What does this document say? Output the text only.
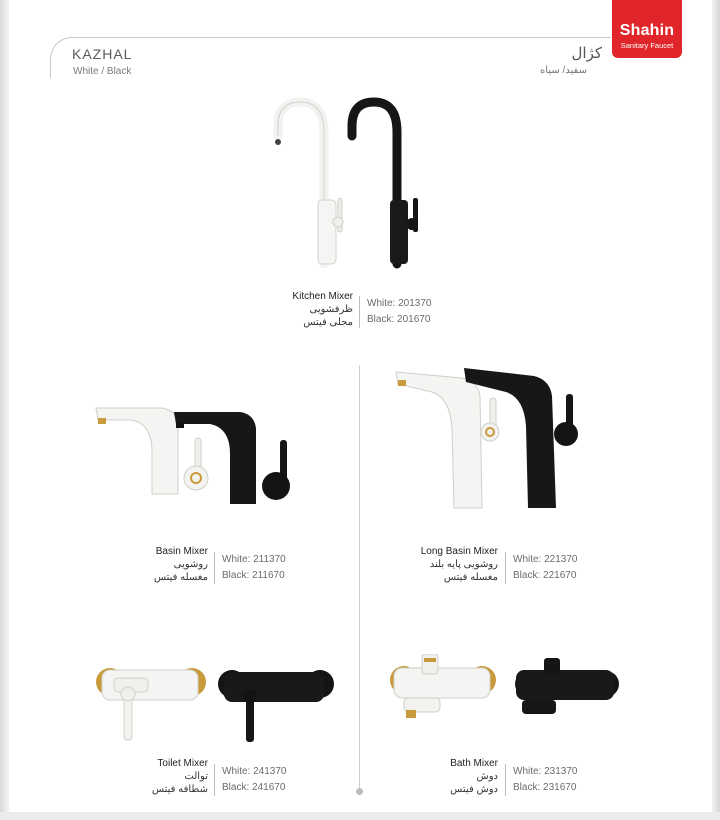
KAZHAL
White / Black
کژال
سفید/ سیاه
Shahin
Sanitary Faucet
Kitchen Mixer
ظرفشویی
مجلی فیتس
White: 201370
Black: 201670
Basin Mixer
روشویی
مغسله فیتس
White: 211370
Black: 211670
Long Basin Mixer
روشویی پایه بلند
مغسله فیتس
White: 221370
Black: 221670
Toilet Mixer
توالت
شطافه فیتس
White: 241370
Black: 241670
Bath Mixer
دوش
دوش فیتس
White: 231370
Black: 231670
